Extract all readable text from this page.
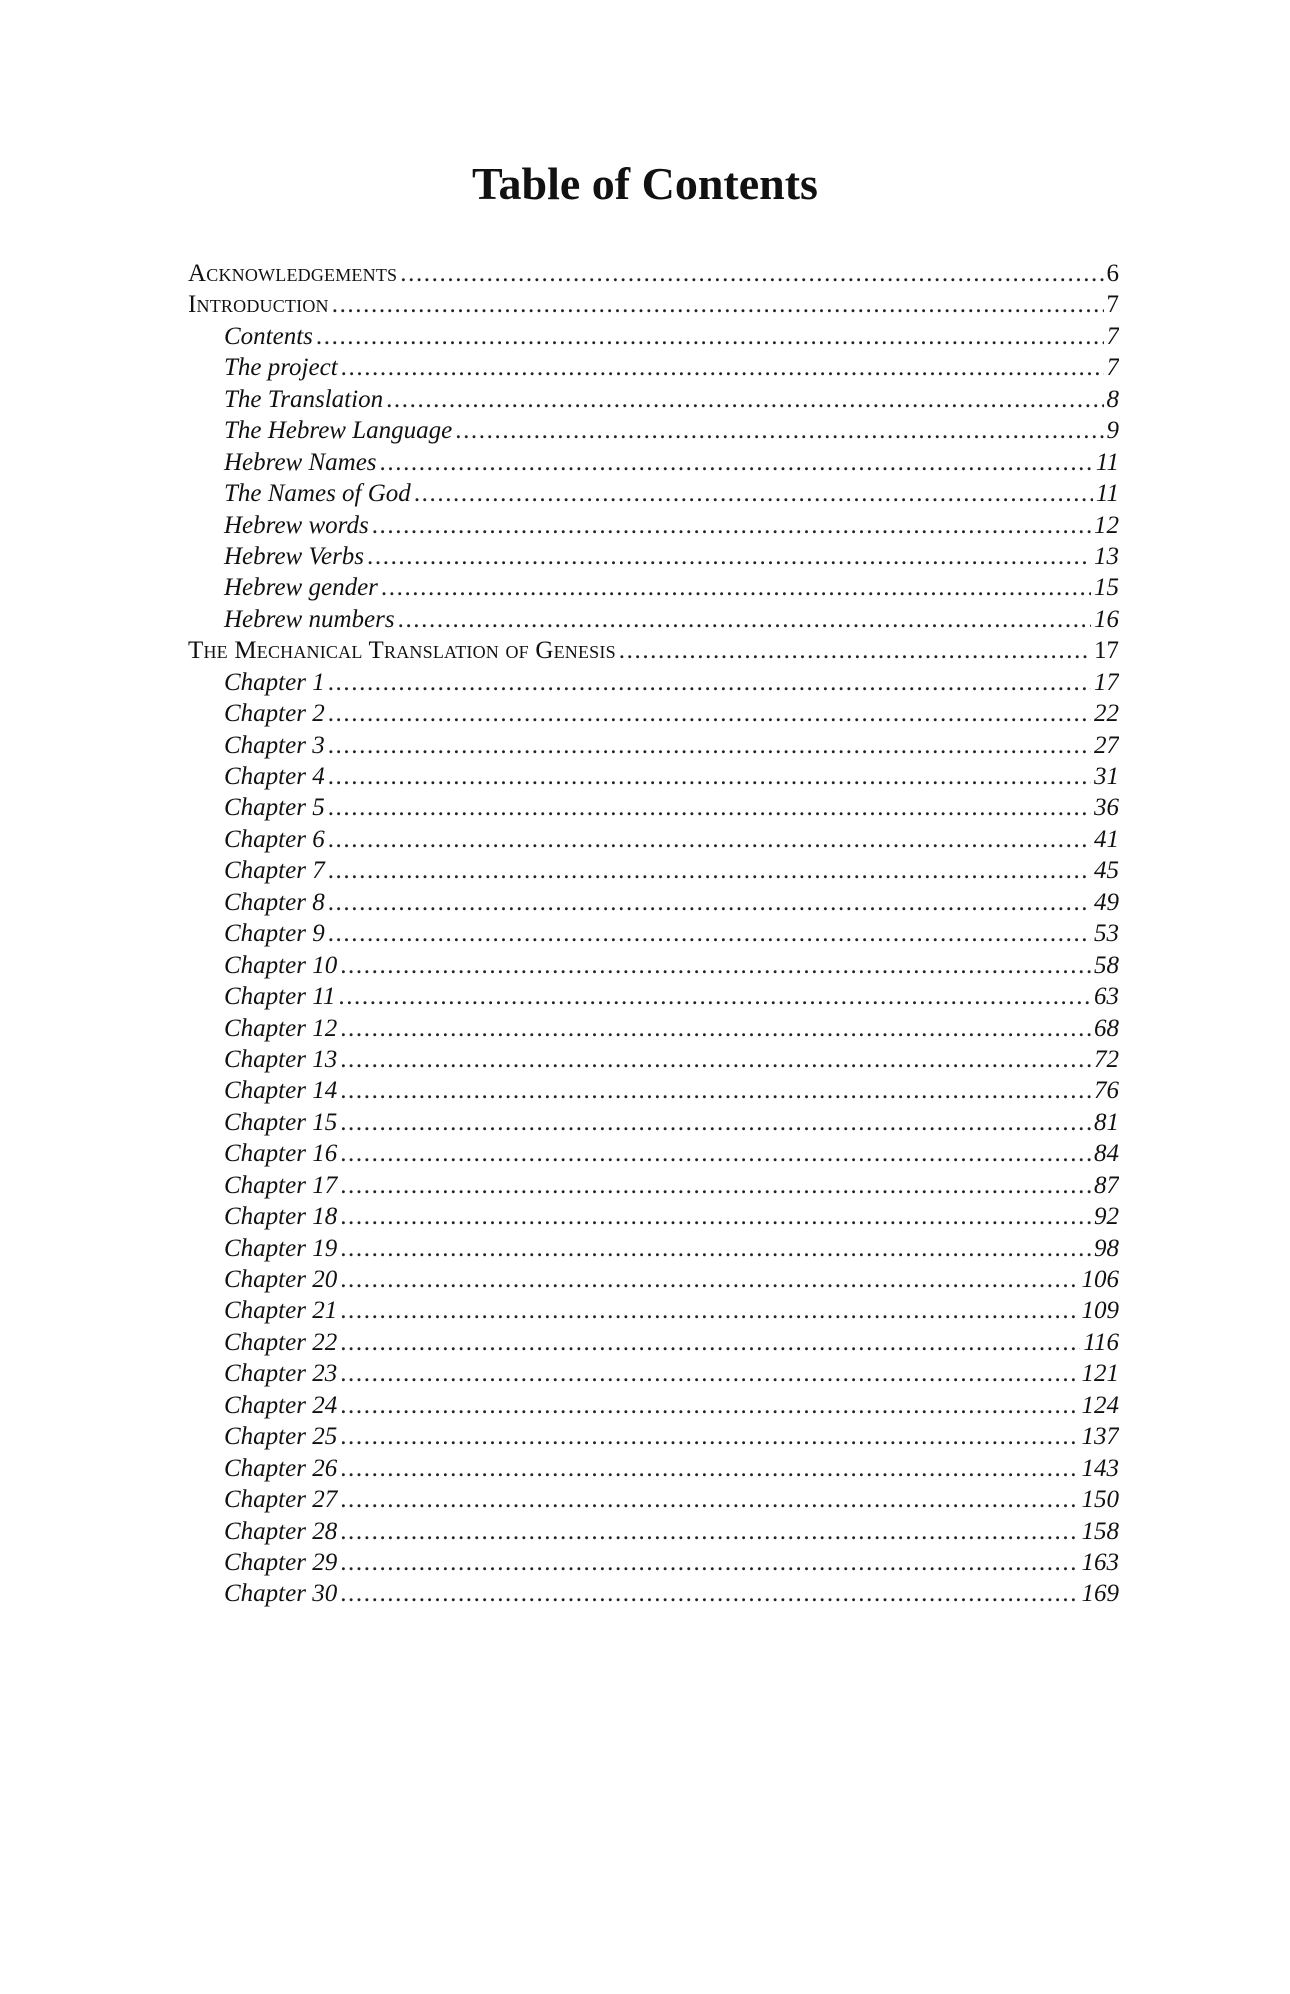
Table of Contents
Acknowledgements .....	6
Introduction .....	7
Contents .....	7
The project .....	7
The Translation .....	8
The Hebrew Language .....	9
Hebrew Names .....	11
The Names of God .....	11
Hebrew words .....	12
Hebrew Verbs .....	13
Hebrew gender .....	15
Hebrew numbers .....	16
The Mechanical Translation of Genesis .....	17
Chapter 1 .....	17
Chapter 2 .....	22
Chapter 3 .....	27
Chapter 4 .....	31
Chapter 5 .....	36
Chapter 6 .....	41
Chapter 7 .....	45
Chapter 8 .....	49
Chapter 9 .....	53
Chapter 10 .....	58
Chapter 11 .....	63
Chapter 12 .....	68
Chapter 13 .....	72
Chapter 14 .....	76
Chapter 15 .....	81
Chapter 16 .....	84
Chapter 17 .....	87
Chapter 18 .....	92
Chapter 19 .....	98
Chapter 20 .....	106
Chapter 21 .....	109
Chapter 22 .....	116
Chapter 23 .....	121
Chapter 24 .....	124
Chapter 25 .....	137
Chapter 26 .....	143
Chapter 27 .....	150
Chapter 28 .....	158
Chapter 29 .....	163
Chapter 30 .....	169
